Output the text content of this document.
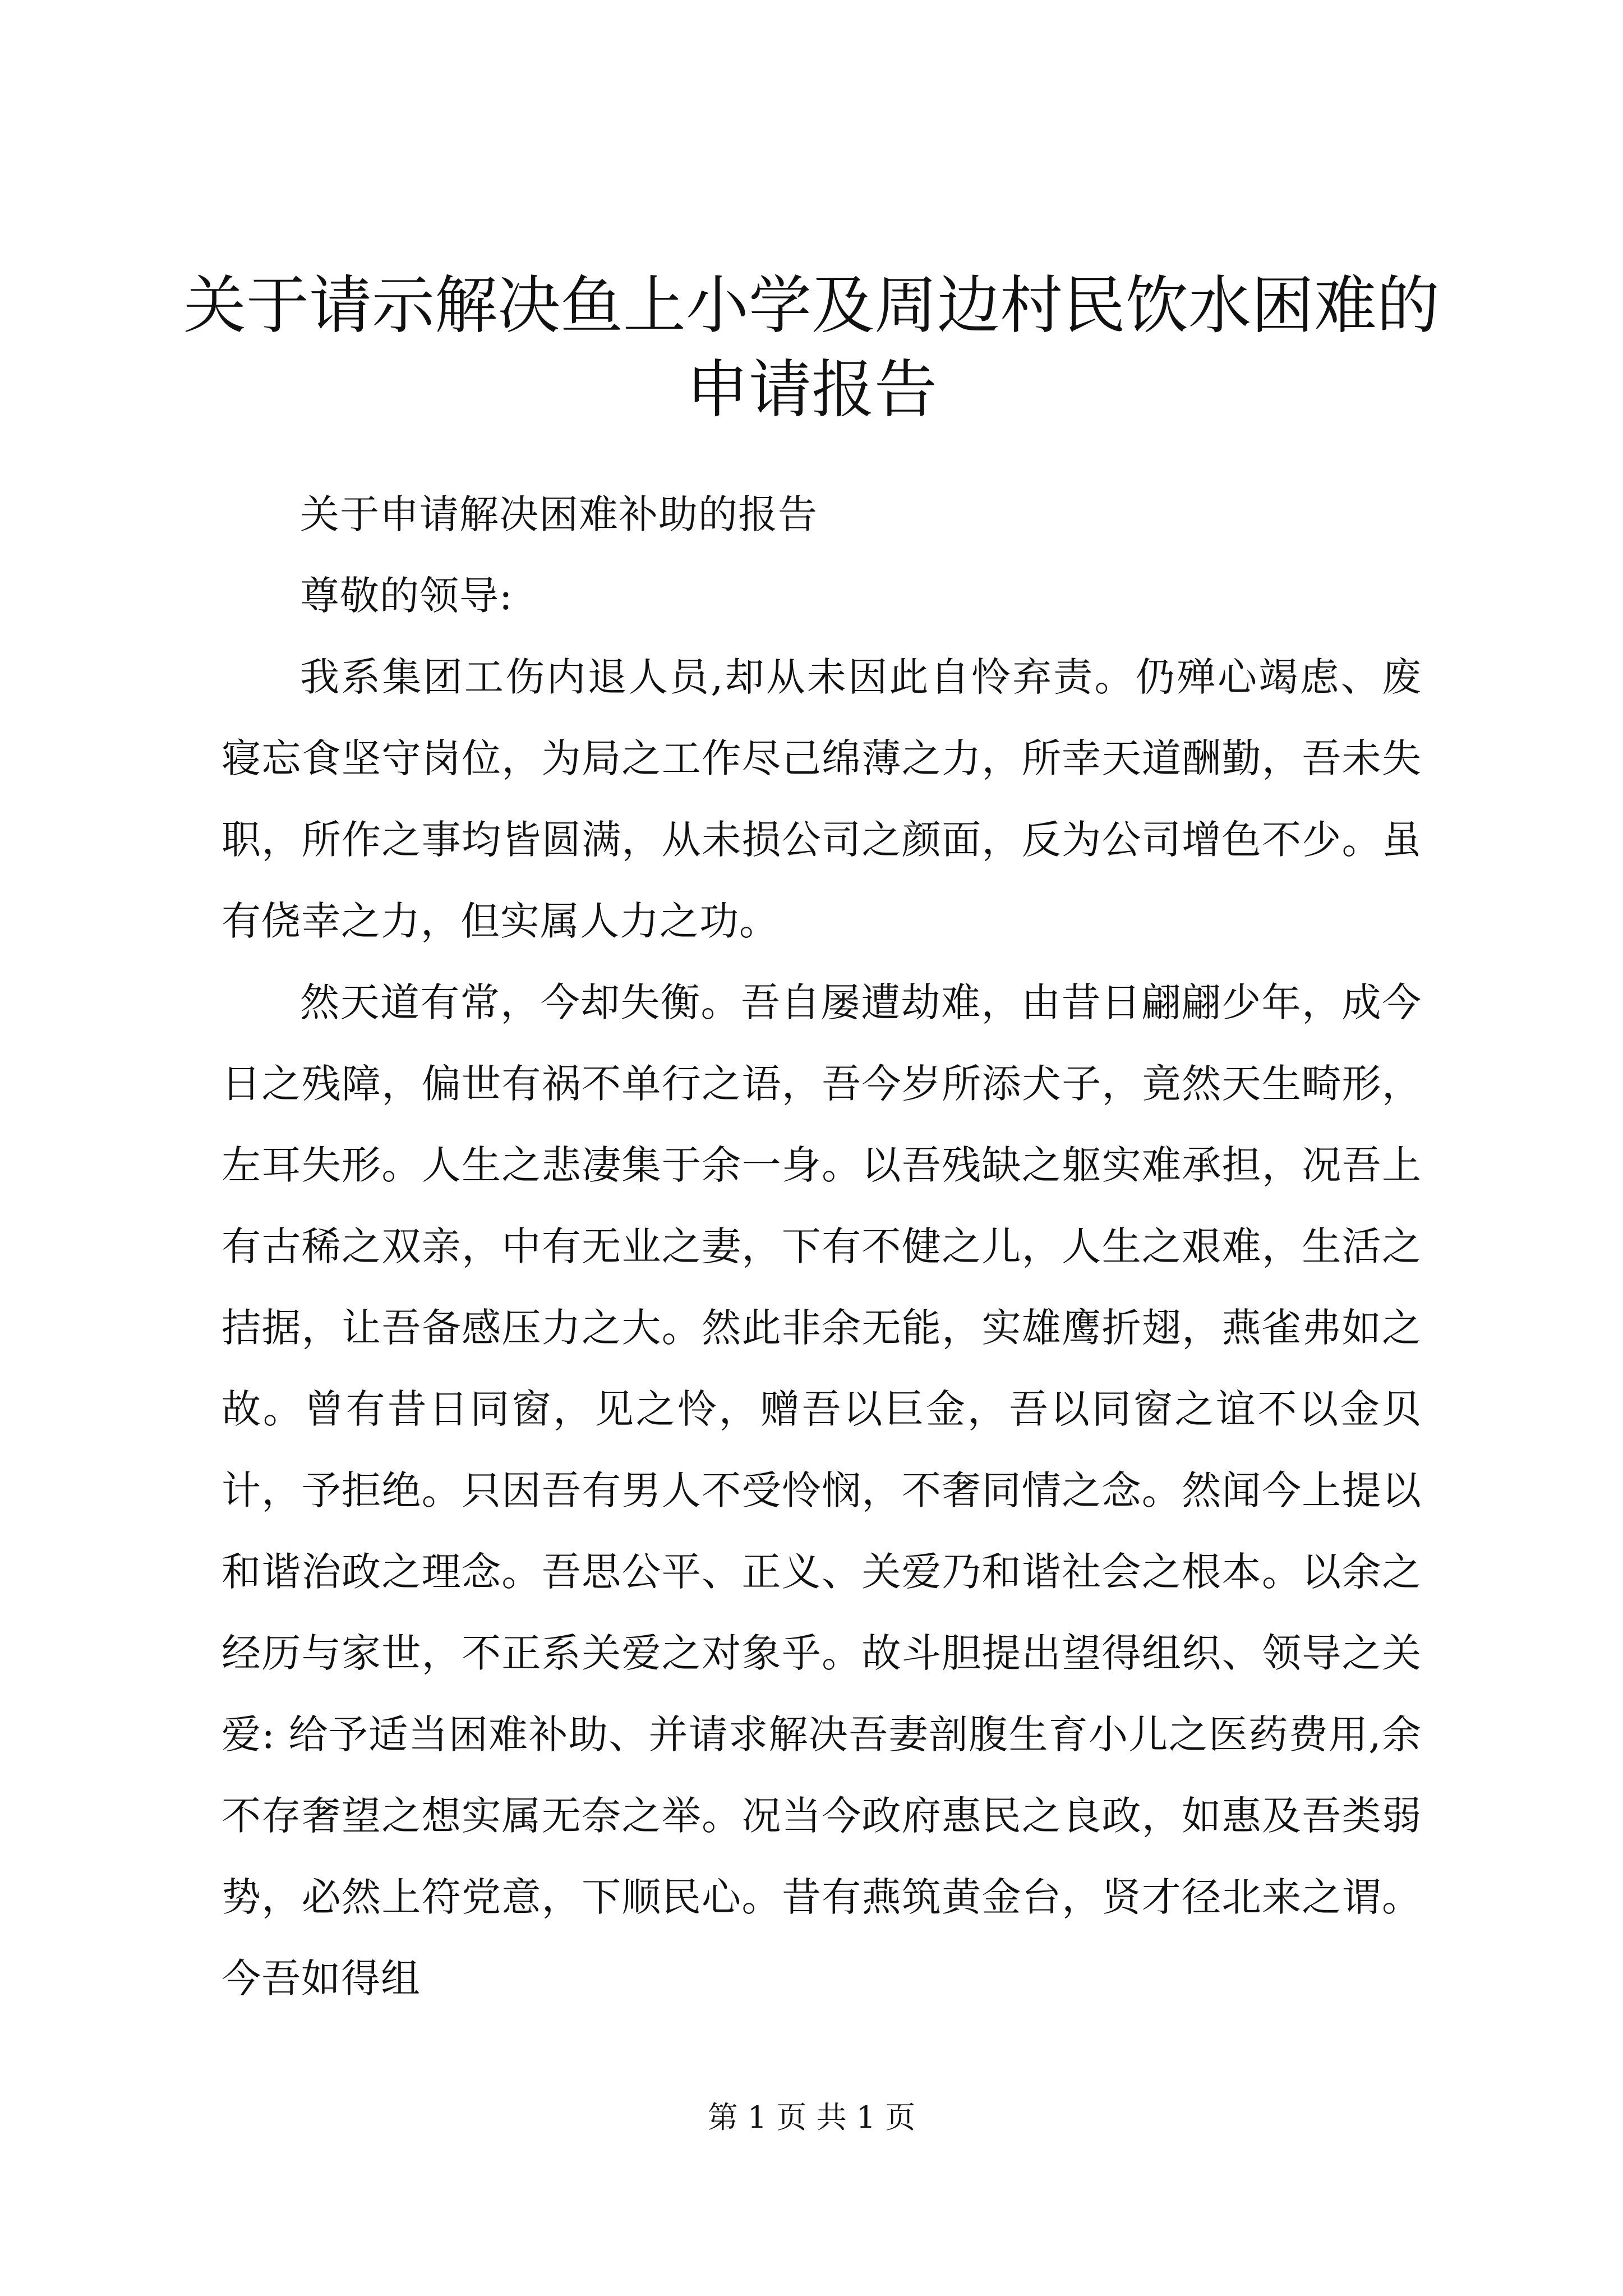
关于请示解决鱼上小学及周边村民饮水困难的申请报告

关于申请解决困难补助的报告

尊敬的领导:

我系集团工伤内退人员,却从未因此自怜弃责。仍殚心竭虑、废寝忘食坚守岗位，为局之工作尽己绵薄之力，所幸天道酬勤，吾未失职，所作之事均皆圆满，从未损公司之颜面，反为公司增色不少。虽有侥幸之力，但实属人力之功。

然天道有常，今却失衡。吾自屡遭劫难，由昔日翩翩少年，成今日之残障，偏世有祸不单行之语，吾今岁所添犬子，竟然天生畸形，左耳失形。人生之悲凄集于余一身。以吾残缺之躯实难承担，况吾上有古稀之双亲，中有无业之妻，下有不健之儿，人生之艰难，生活之拮据，让吾备感压力之大。然此非余无能，实雄鹰折翅，燕雀弗如之故。曾有昔日同窗，见之怜，赠吾以巨金，吾以同窗之谊不以金贝计，予拒绝。只因吾有男人不受怜悯，不奢同情之念。然闻今上提以和谐治政之理念。吾思公平、正义、关爱乃和谐社会之根本。以余之经历与家世，不正系关爱之对象乎。故斗胆提出望得组织、领导之关爱: 给予适当困难补助、并请求解决吾妻剖腹生育小儿之医药费用,余不存奢望之想实属无奈之举。况当今政府惠民之良政，如惠及吾类弱势，必然上符党意，下顺民心。昔有燕筑黄金台，贤才径北来之谓。今吾如得组

第 1 页 共 1 页
